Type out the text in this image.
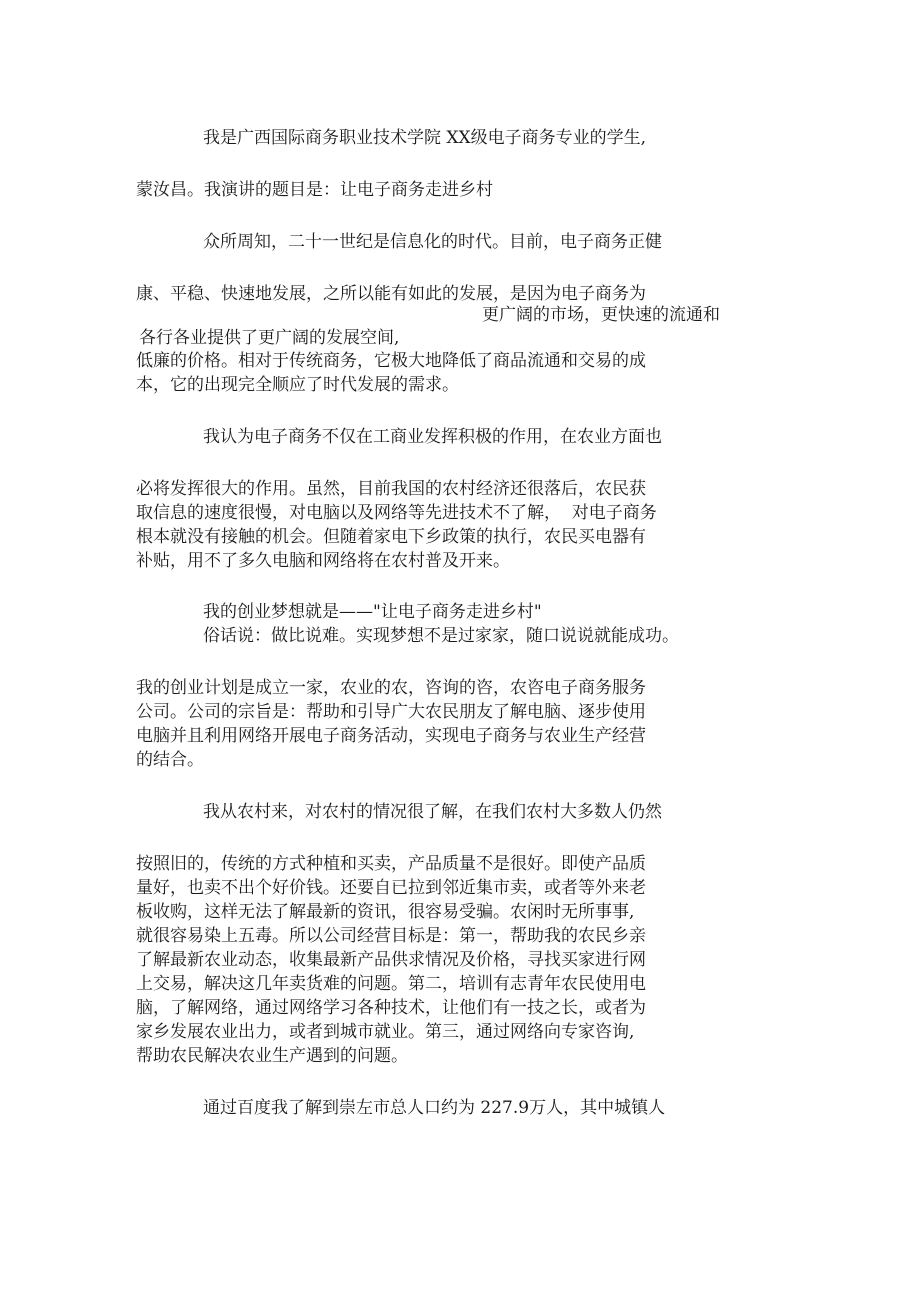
我是广西国际商务职业技术学院 XX级电子商务专业的学生,

蒙汝昌。我演讲的题目是：让电子商务走进乡村

众所周知，二十一世纪是信息化的时代。目前，电子商务正健

康、平稳、快速地发展，之所以能有如此的发展，是因为电子商务为

更广阔的市场，更快速的流通和

各行各业提供了更广阔的发展空间,

低廉的价格。相对于传统商务，它极大地降低了商品流通和交易的成

本，它的出现完全顺应了时代发展的需求。

我认为电子商务不仅在工商业发挥积极的作用，在农业方面也

必将发挥很大的作用。虽然，目前我国的农村经济还很落后，农民获

取信息的速度很慢，对电脑以及网络等先进技术不了解，  对电子商务

根本就没有接触的机会。但随着家电下乡政策的执行，农民买电器有

补贴，用不了多久电脑和网络将在农村普及开来。

我的创业梦想就是——"让电子商务走进乡村"

俗话说：做比说难。实现梦想不是过家家，随口说说就能成功。

我的创业计划是成立一家，农业的农，咨询的咨，农咨电子商务服务

公司。公司的宗旨是：帮助和引导广大农民朋友了解电脑、逐步使用

电脑并且利用网络开展电子商务活动，实现电子商务与农业生产经营

的结合。

我从农村来，对农村的情况很了解，在我们农村大多数人仍然

按照旧的，传统的方式种植和买卖，产品质量不是很好。即使产品质

量好，也卖不出个好价钱。还要自已拉到邻近集市卖，或者等外来老

板收购，这样无法了解最新的资讯，很容易受骗。农闲时无所事事,

就很容易染上五毒。所以公司经营目标是：第一，帮助我的农民乡亲

了解最新农业动态，收集最新产品供求情况及价格，寻找买家进行网

上交易，解决这几年卖货难的问题。第二，培训有志青年农民使用电

脑，了解网络，通过网络学习各种技术，让他们有一技之长，或者为

家乡发展农业出力，或者到城市就业。第三，通过网络向专家咨询,

帮助农民解决农业生产遇到的问题。

通过百度我了解到崇左市总人口约为 227.9万人，其中城镇人
